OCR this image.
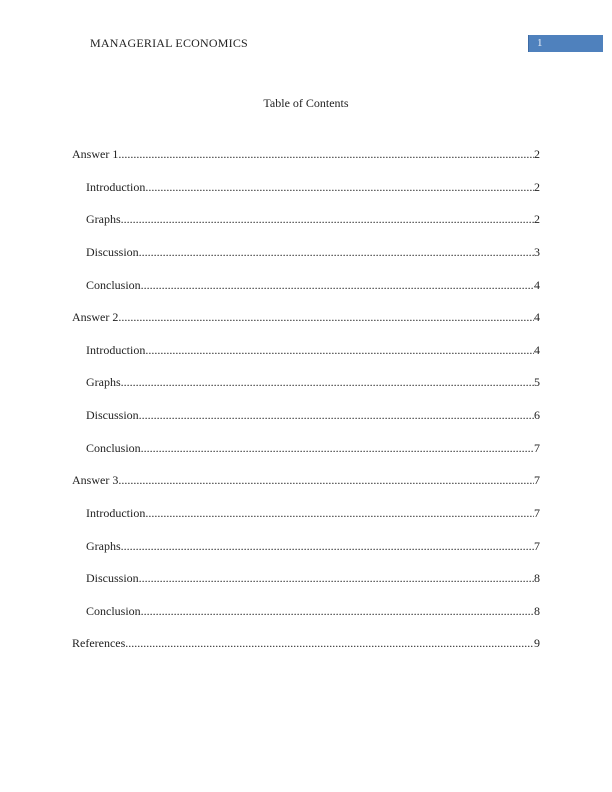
MANAGERIAL ECONOMICS	1
Table of Contents
Answer 1 .....	2
Introduction .....	2
Graphs .....	2
Discussion .....	3
Conclusion .....	4
Answer 2 .....	4
Introduction .....	4
Graphs .....	5
Discussion .....	6
Conclusion .....	7
Answer 3 .....	7
Introduction .....	7
Graphs .....	7
Discussion .....	8
Conclusion .....	8
References .....	9
